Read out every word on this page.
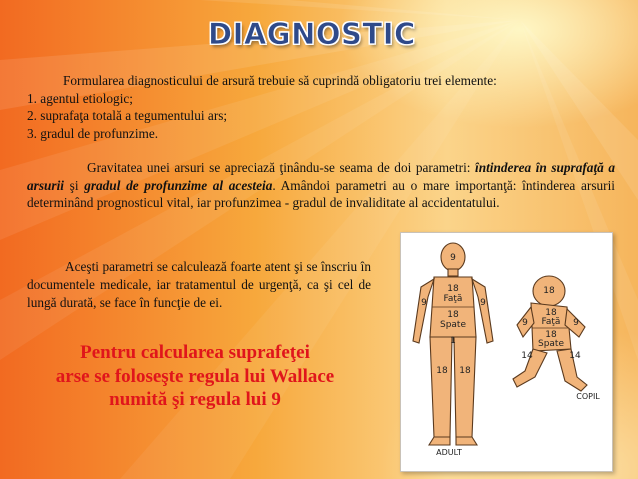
DIAGNOSTIC
Formularea diagnosticului de arsură trebuie să cuprindă obligatoriu trei elemente:
1. agentul etiologic;
2. suprafaţa totală a tegumentului ars;
3. gradul de profunzime.
Gravitatea unei arsuri se apreciază ţinându-se seama de doi parametri: întinderea în suprafaţă a arsurii şi gradul de profunzime al acesteia. Amândoi parametri au o mare importanţă: întinderea arsurii determinând prognosticul vital, iar profunzimea - gradul de invaliditate al accidentatului.
Aceşti parametri se calculează foarte atent şi se înscriu în documentele medicale, iar tratamentul de urgenţă, ca şi cel de lungă durată, se face în funcţie de ei.
Pentru calcularea suprafeţei
arse se foloseşte regula lui Wallace
numită şi regula lui 9
9
9	9
18
Faţă
18
Spate
1
18 18
18
9	9
18
Faţă
18
Spate
14	14
COPIL
ADULT
